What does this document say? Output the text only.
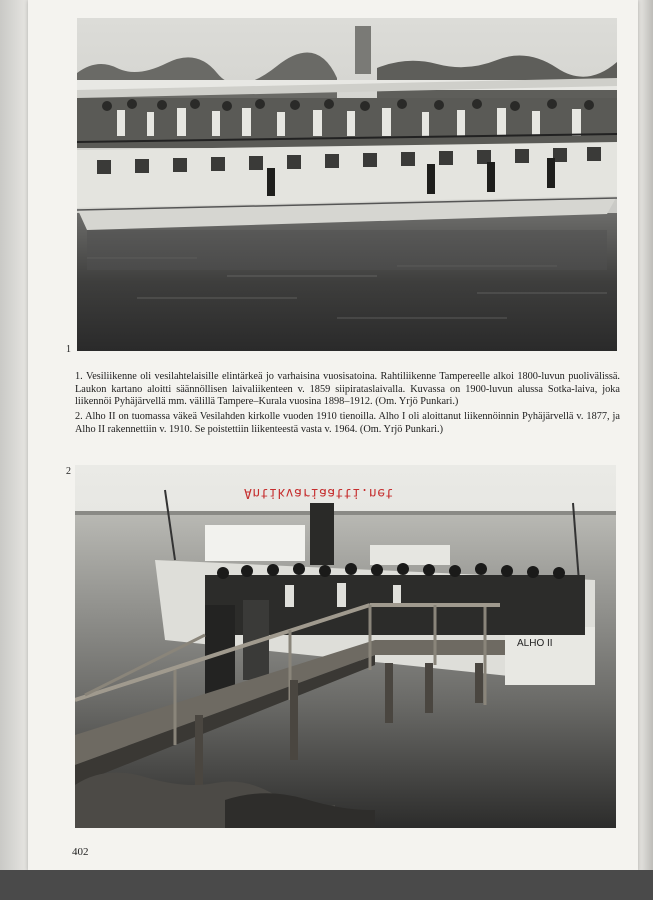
1

1. Vesiliikenne oli vesilahtelaisille elintärkeä jo varhaisina vuosisatoina. Rahtiliikenne Tampereelle alkoi 1800-luvun puolivälissä. Laukon kartano aloitti säännöllisen laivaliikenteen v. 1859 siipirataslaivalla. Kuvassa on 1900-luvun alussa Sotka-laiva, joka liikennöi Pyhäjärvellä mm. välillä Tampere–Kurala vuosina 1898–1912. (Om. Yrjö Punkari.)

2. Alho II on tuomassa väkeä Vesilahden kirkolle vuoden 1910 tienoilla. Alho I oli aloittanut liikennöinnin Pyhäjärvellä v. 1877, ja Alho II rakennettiin v. 1910. Se poistettiin liikenteestä vasta v. 1964. (Om. Yrjö Punkari.)

ALHO II
2
Antikvariaatti.net
402
